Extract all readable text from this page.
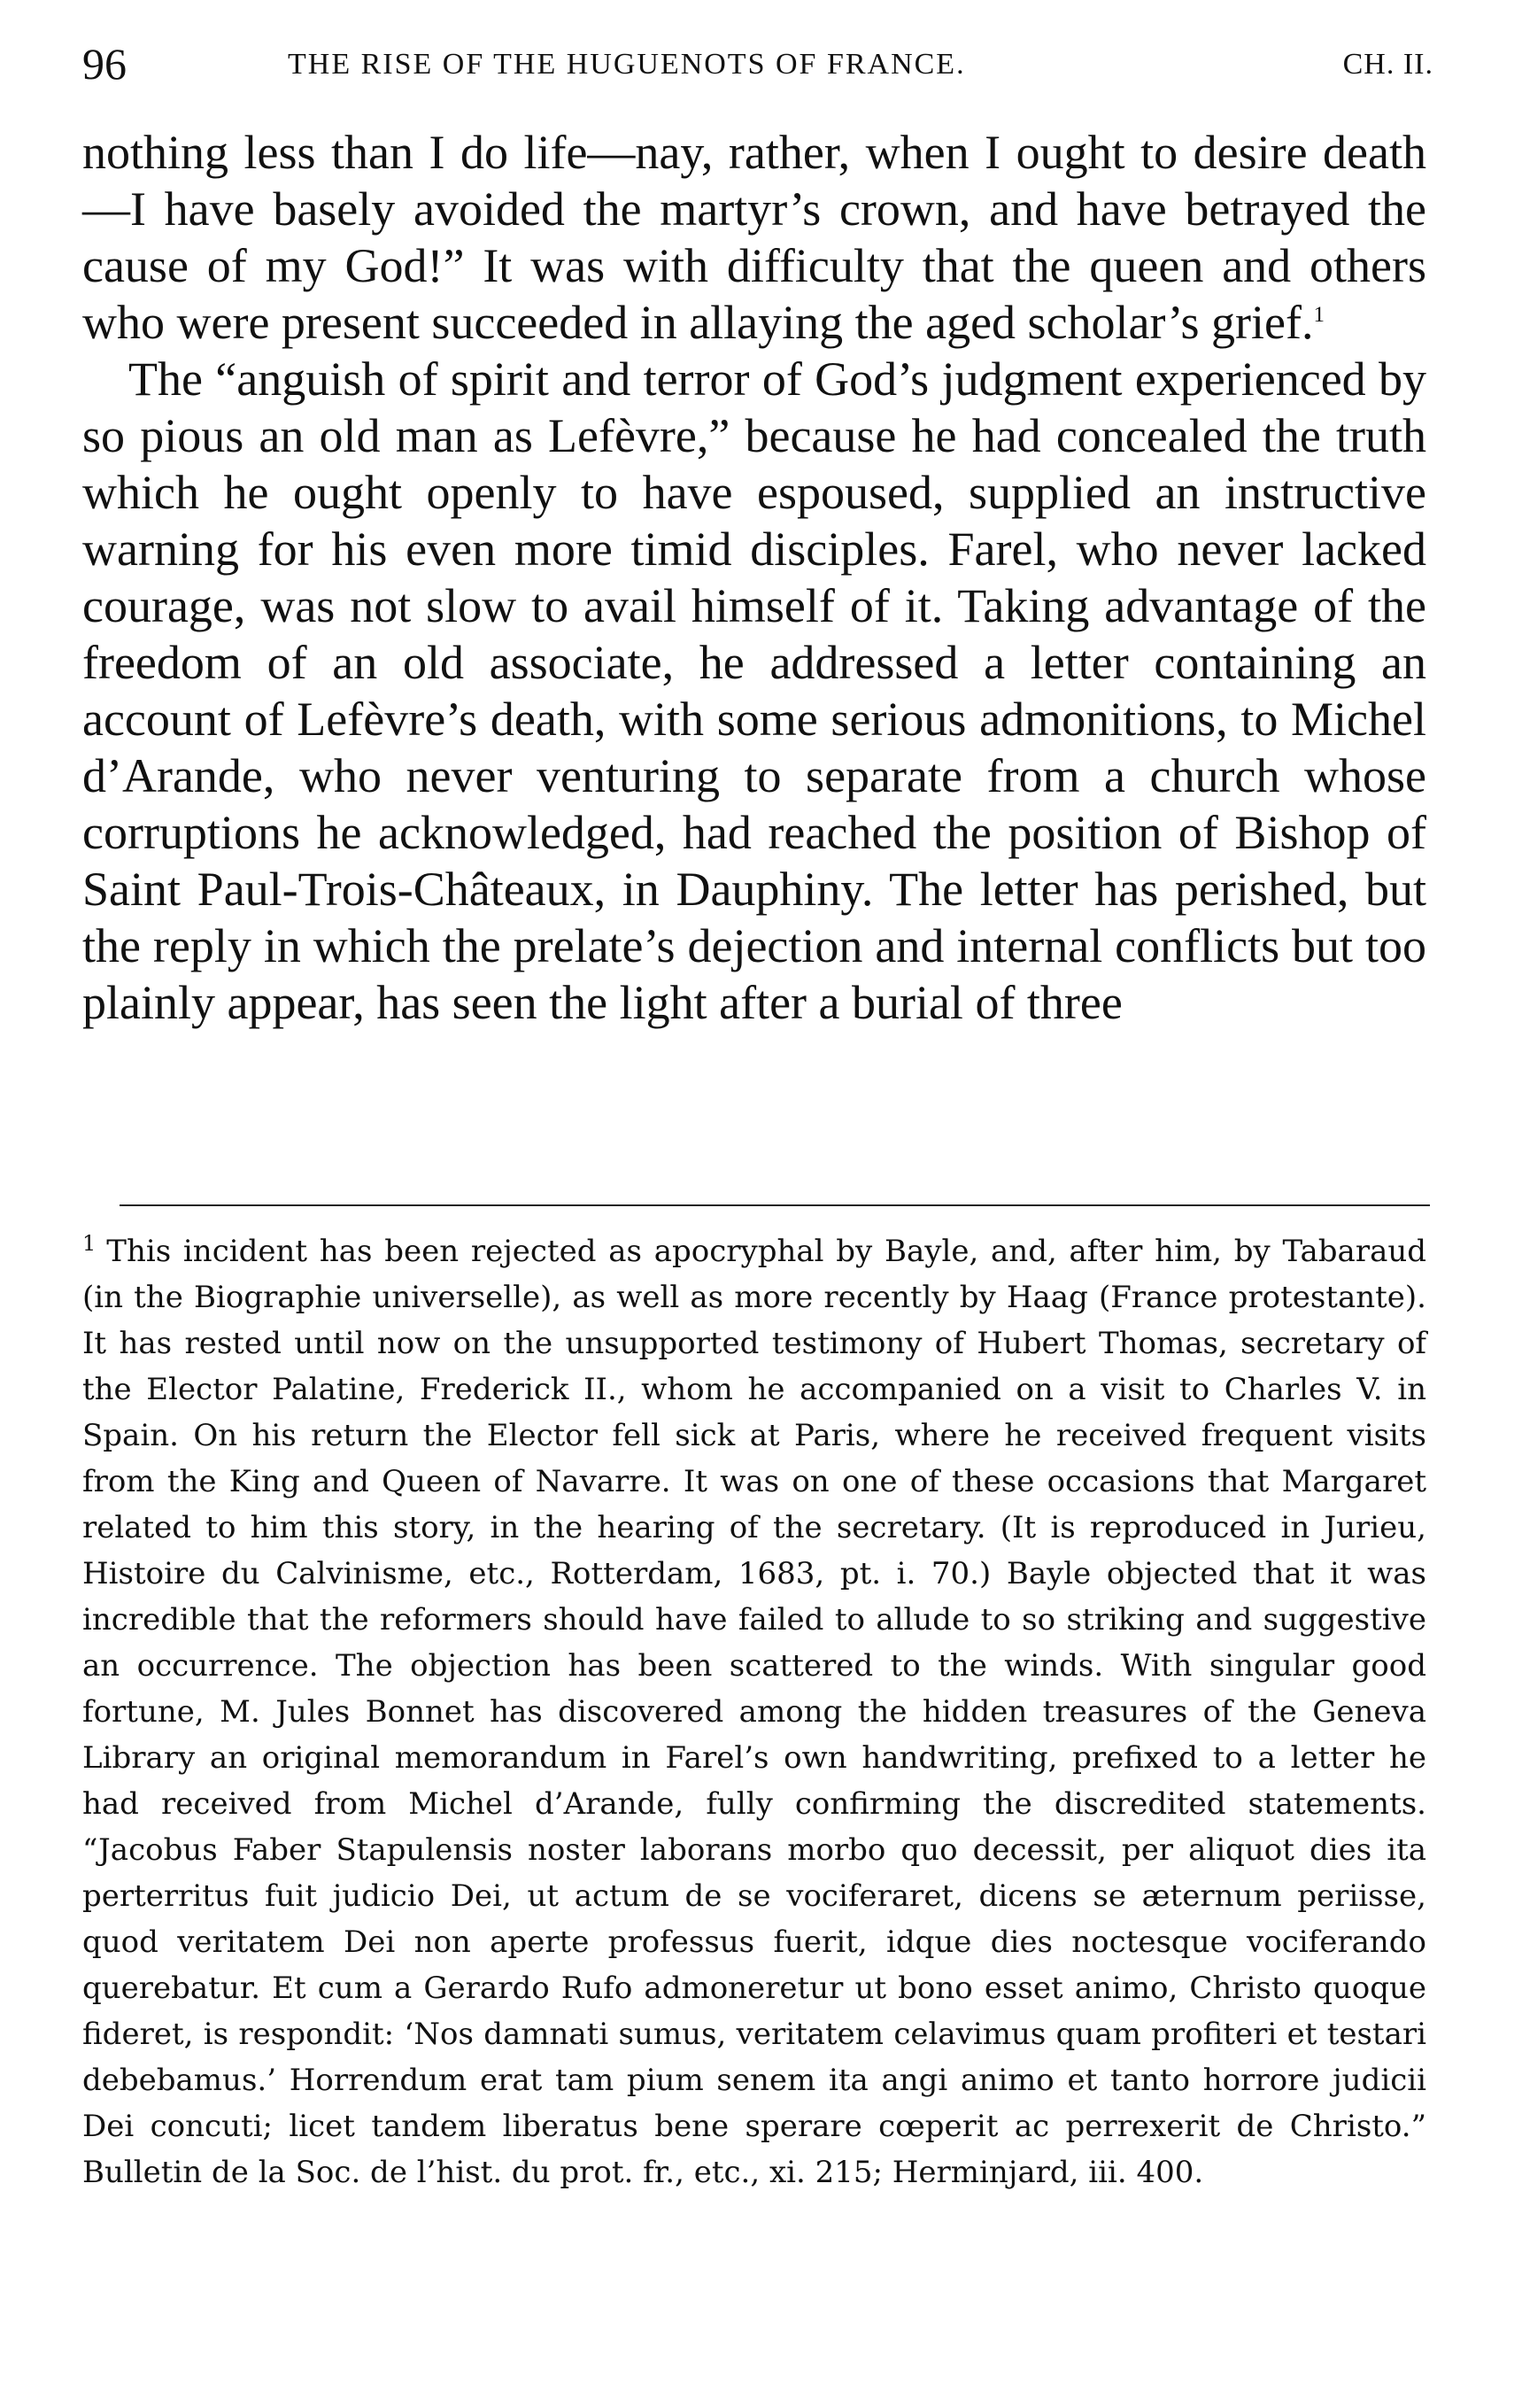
96	THE RISE OF THE HUGUENOTS OF FRANCE.	CH. II.

nothing less than I do life—nay, rather, when I ought to desire death—I have basely avoided the martyr’s crown, and have betrayed the cause of my God!” It was with difficulty that the queen and others who were present succeeded in allaying the aged scholar’s grief.$^1$

The “anguish of spirit and terror of God’s judgment experienced by so pious an old man as Lefèvre,” because he had concealed the truth which he ought openly to have espoused, supplied an instructive warning for his even more timid disciples. Farel, who never lacked courage, was not slow to avail himself of it. Taking advantage of the freedom of an old associate, he addressed a letter containing an account of Lefèvre’s death, with some serious admonitions, to Michel d’Arande, who never venturing to separate from a church whose corruptions he acknowledged, had reached the position of Bishop of Saint Paul-Trois-Châteaux, in Dauphiny. The letter has perished, but the reply in which the prelate’s dejection and internal conflicts but too plainly appear, has seen the light after a burial of three

$^1$ This incident has been rejected as apocryphal by Bayle, and, after him, by Tabaraud (in the Biographie universelle), as well as more recently by Haag (France protestante). It has rested until now on the unsupported testimony of Hubert Thomas, secretary of the Elector Palatine, Frederick II., whom he accompanied on a visit to Charles V. in Spain. On his return the Elector fell sick at Paris, where he received frequent visits from the King and Queen of Navarre. It was on one of these occasions that Margaret related to him this story, in the hearing of the secretary. (It is reproduced in Jurieu, Histoire du Calvinisme, etc., Rotterdam, 1683, pt. i. 70.) Bayle objected that it was incredible that the reformers should have failed to allude to so striking and suggestive an occurrence. The objection has been scattered to the winds. With singular good fortune, M. Jules Bonnet has discovered among the hidden treasures of the Geneva Library an original memorandum in Farel’s own handwriting, prefixed to a letter he had received from Michel d’Arande, fully confirming the discredited statements. “Jacobus Faber Stapulensis noster laborans morbo quo decessit, per aliquot dies ita perterritus fuit judicio Dei, ut actum de se vociferaret, dicens se æternum periisse, quod veritatem Dei non aperte professus fuerit, idque dies noctesque vociferando querebatur. Et cum a Gerardo Rufo admoneretur ut bono esset animo, Christo quoque fideret, is respondit: ‘Nos damnati sumus, veritatem celavimus quam profiteri et testari debebamus.’ Horrendum erat tam pium senem ita angi animo et tanto horrore judicii Dei concuti; licet tandem liberatus bene sperare cœperit ac perrexerit de Christo.” Bulletin de la Soc. de l’hist. du prot. fr., etc., xi. 215; Herminjard, iii. 400.
